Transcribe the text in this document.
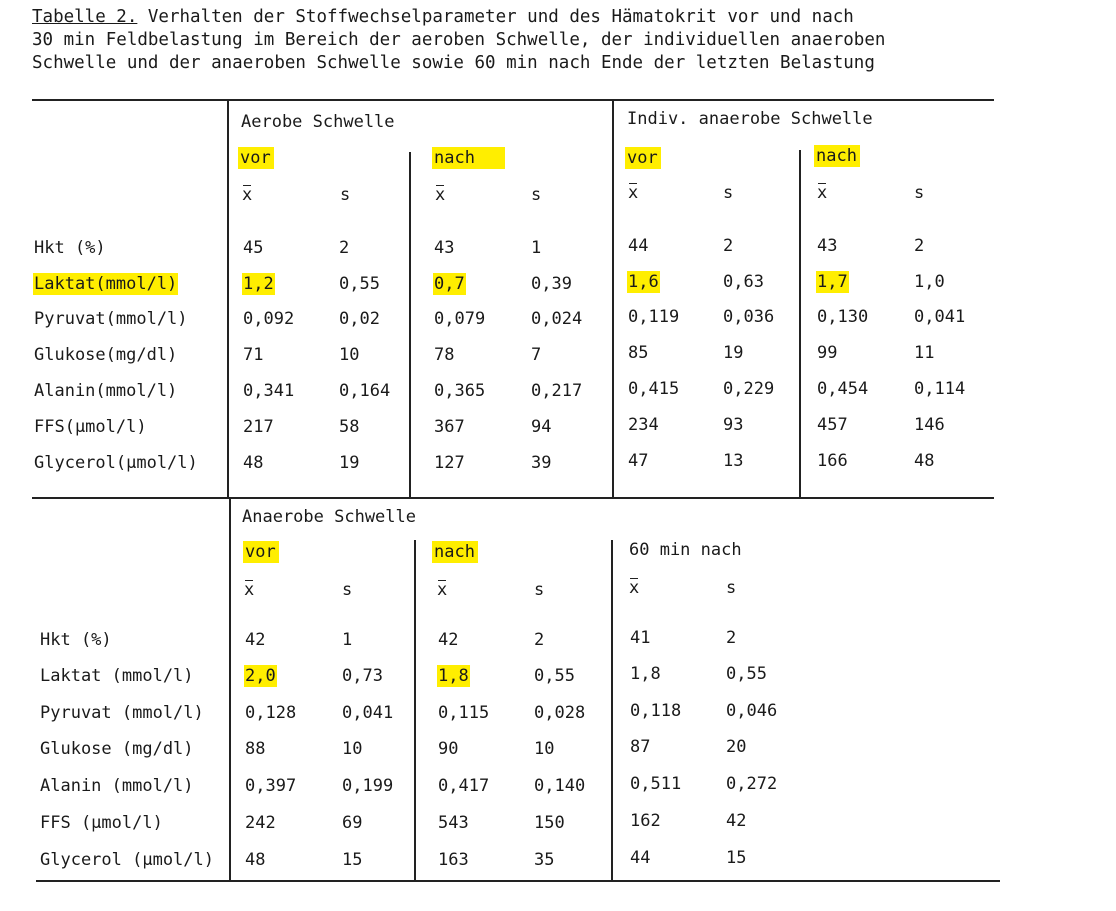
Tabelle 2. Verhalten der Stoffwechselparameter und des Hämatokrit vor und nach
30 min Feldbelastung im Bereich der aeroben Schwelle, der individuellen anaeroben
Schwelle und der anaeroben Schwelle sowie 60 min nach Ende der letzten Belastung
Aerobe Schwelle	Indiv. anaerobe Schwelle
vor	nach	vor	nach
x	s	x	s	x	s	x	s
Hkt (%)	45	2	43	1	44	2	43	2
Laktat(mmol/l)	1,2	0,55	0,7	0,39	1,6	0,63	1,7	1,0
Pyruvat(mmol/l)	0,092	0,02	0,079	0,024	0,119	0,036	0,130	0,041
Glukose(mg/dl)	71	10	78	7	85	19	99	11
Alanin(mmol/l)	0,341	0,164	0,365	0,217	0,415	0,229	0,454	0,114
FFS(µmol/l)	217	58	367	94	234	93	457	146
Glycerol(µmol/l)	48	19	127	39	47	13	166	48
Anaerobe Schwelle
60 min nach
vor	nach
x	s	x	s	x	s
Hkt (%)	42	1	42	2	41	2
Laktat (mmol/l)	2,0	0,73	1,8	0,55	1,8	0,55
Pyruvat (mmol/l) 0,128	0,041	0,115	0,028	0,118	0,046
Glukose (mg/dl)	88	10	90	10	87	20
Alanin (mmol/l)	0,397	0,199	0,417	0,140	0,511	0,272
FFS (µmol/l)	242	69	543	150	162	42
Glycerol (µmol/l) 48	15	163	35	44	15
